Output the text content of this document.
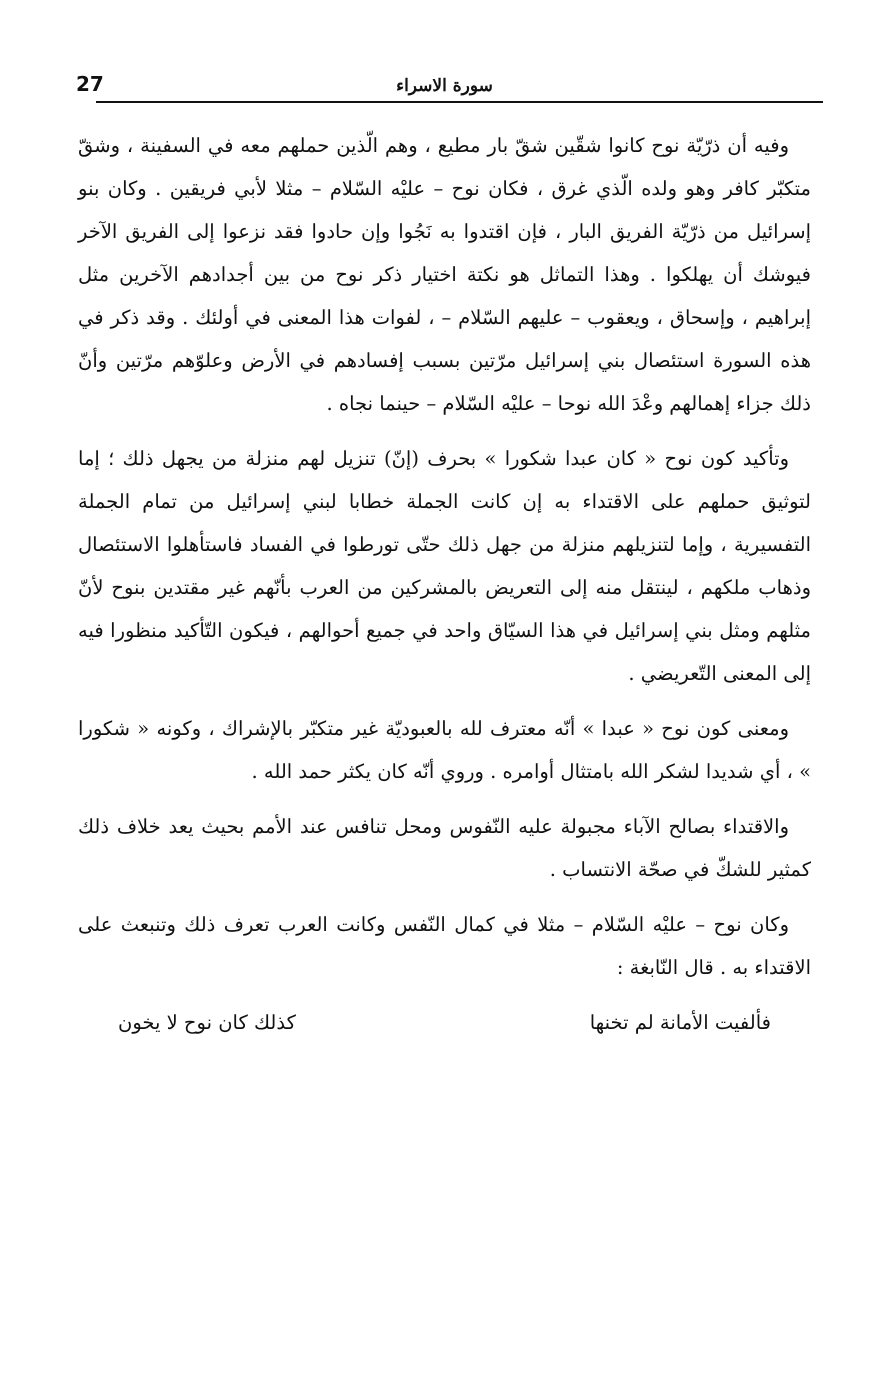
27	سورة الاسراء

وفيه أن ذرّيّة نوح كانوا شقّين شقّ بار مطيع ، وهم الّذين حملهم معه في السفينة ، وشقّ متكبّر كافر وهو ولده الّذي غرق ، فكان نوح – عليْه السّلام – مثلا لأبي فريقين . وكان بنو إسرائيل من ذرّيّة الفريق البار ، فإن اقتدوا به نَجُوا وإن حادوا فقد نزعوا إلى الفريق الآخر فيوشك أن يهلكوا . وهذا التماثل هو نكتة اختيار ذكر نوح من بين أجدادهم الآخرين مثل إبراهيم ، وإسحاق ، ويعقوب – عليهم السّلام – ، لفوات هذا المعنى في أولئك . وقد ذكر في هذه السورة استئصال بني إسرائيل مرّتين بسبب إفسادهم في الأرض وعلوّهم مرّتين وأنّ ذلك جزاء إهمالهم وعْدَ الله نوحا – عليْه السّلام – حينما نجاه .

وتأكيد كون نوح « كان عبدا شكورا » بحرف (إنّ) تنزيل لهم منزلة من يجهل ذلك ؛ إما لتوثيق حملهم على الاقتداء به إن كانت الجملة خطابا لبني إسرائيل من تمام الجملة التفسيرية ، وإما لتنزيلهم منزلة من جهل ذلك حتّى تورطوا في الفساد فاستأهلوا الاستئصال وذهاب ملكهم ، لينتقل منه إلى التعريض بالمشركين من العرب بأنّهم غير مقتدين بنوح لأنّ مثلهم ومثل بني إسرائيل في هذا السيّاق واحد في جميع أحوالهم ، فيكون التّأكيد منظورا فيه إلى المعنى التّعريضي .

ومعنى كون نوح « عبدا » أنّه معترف لله بالعبوديّة غير متكبّر بالإشراك ، وكونه « شكورا » ، أي شديدا لشكر الله بامتثال أوامره . وروي أنّه كان يكثر حمد الله .

والاقتداء بصالح الآباء مجبولة عليه النّفوس ومحل تنافس عند الأمم بحيث يعد خلاف ذلك كمثير للشكّ في صحّة الانتساب .

وكان نوح – عليْه السّلام – مثلا في كمال النّفس وكانت العرب تعرف ذلك وتنبعث على الاقتداء به . قال النّابغة :

فألفيت الأمانة لم تخنها
كذلك كان نوح لا يخون
